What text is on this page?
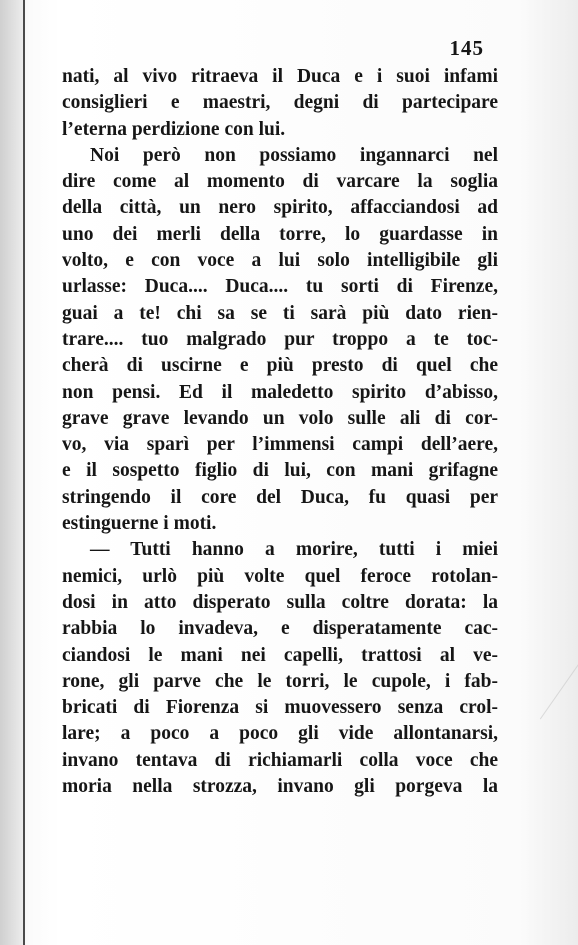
145
nati, al vivo ritraeva il Duca e i suoi infami
consiglieri e maestri, degni di partecipare
l’eterna perdizione con lui.
Noi però non possiamo ingannarci nel
dire come al momento di varcare la soglia
della città, un nero spirito, affacciandosi ad
uno dei merli della torre, lo guardasse in
volto, e con voce a lui solo intelligibile gli
urlasse: Duca.... Duca.... tu sorti di Firenze,
guai a te! chi sa se ti sarà più dato rien-
trare.... tuo malgrado pur troppo a te toc-
cherà di uscirne e più presto di quel che
non pensi. Ed il maledetto spirito d’abisso,
grave grave levando un volo sulle ali di cor-
vo, via sparì per l’immensi campi dell’aere,
e il sospetto figlio di lui, con mani grifagne
stringendo il core del Duca, fu quasi per
estinguerne i moti.
— Tutti hanno a morire, tutti i miei
nemici, urlò più volte quel feroce rotolan-
dosi in atto disperato sulla coltre dorata: la
rabbia lo invadeva, e disperatamente cac-
ciandosi le mani nei capelli, trattosi al ve-
rone, gli parve che le torri, le cupole, i fab-
bricati di Fiorenza si muovessero senza crol-
lare; a poco a poco gli vide allontanarsi,
invano tentava di richiamarli colla voce che
moria nella strozza, invano gli porgeva la
